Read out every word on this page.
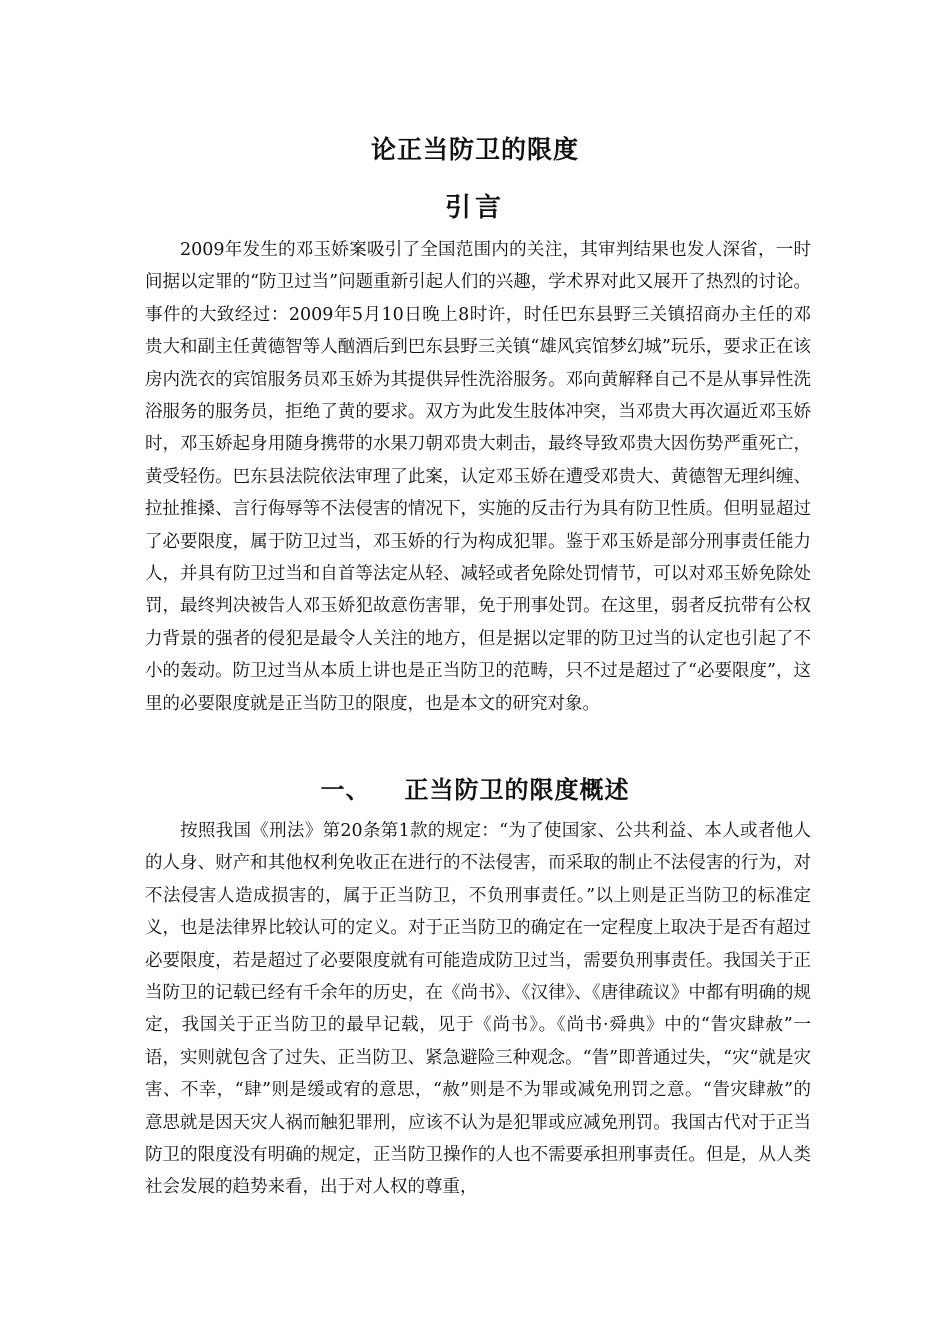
论正当防卫的限度
引言

2009年发生的邓玉娇案吸引了全国范围内的关注，其审判结果也发人深省，一时间据以定罪的“防卫过当”问题重新引起人们的兴趣，学术界对此又展开了热烈的讨论。事件的大致经过：2009年5月10日晚上8时许，时任巴东县野三关镇招商办主任的邓贵大和副主任黄德智等人酗酒后到巴东县野三关镇“雄风宾馆梦幻城”玩乐，要求正在该房内洗衣的宾馆服务员邓玉娇为其提供异性洗浴服务。邓向黄解释自己不是从事异性洗浴服务的服务员，拒绝了黄的要求。双方为此发生肢体冲突，当邓贵大再次逼近邓玉娇时，邓玉娇起身用随身携带的水果刀朝邓贵大刺击，最终导致邓贵大因伤势严重死亡，黄受轻伤。巴东县法院依法审理了此案，认定邓玉娇在遭受邓贵大、黄德智无理纠缠、拉扯推搡、言行侮辱等不法侵害的情况下，实施的反击行为具有防卫性质。但明显超过了必要限度，属于防卫过当，邓玉娇的行为构成犯罪。鉴于邓玉娇是部分刑事责任能力人，并具有防卫过当和自首等法定从轻、减轻或者免除处罚情节，可以对邓玉娇免除处罚，最终判决被告人邓玉娇犯故意伤害罪，免于刑事处罚。在这里，弱者反抗带有公权力背景的强者的侵犯是最令人关注的地方，但是据以定罪的防卫过当的认定也引起了不小的轰动。防卫过当从本质上讲也是正当防卫的范畴，只不过是超过了“必要限度”，这里的必要限度就是正当防卫的限度，也是本文的研究对象。

一、 正当防卫的限度概述

按照我国《刑法》第20条第1款的规定：“为了使国家、公共利益、本人或者他人的人身、财产和其他权利免收正在进行的不法侵害，而采取的制止不法侵害的行为，对不法侵害人造成损害的，属于正当防卫，不负刑事责任。”以上则是正当防卫的标准定义，也是法律界比较认可的定义。对于正当防卫的确定在一定程度上取决于是否有超过必要限度，若是超过了必要限度就有可能造成防卫过当，需要负刑事责任。我国关于正当防卫的记载已经有千余年的历史，在《尚书》、《汉律》、《唐律疏议》中都有明确的规定，我国关于正当防卫的最早记载，见于《尚书》。《尚书·舜典》中的“眚灾肆赦”一语，实则就包含了过失、正当防卫、紧急避险三种观念。“眚”即普通过失，“灾“就是灾害、不幸，“肆”则是缓或宥的意思，“赦”则是不为罪或减免刑罚之意。“眚灾肆赦”的意思就是因天灾人祸而触犯罪刑，应该不认为是犯罪或应减免刑罚。我国古代对于正当防卫的限度没有明确的规定，正当防卫操作的人也不需要承担刑事责任。但是，从人类社会发展的趋势来看，出于对人权的尊重，
